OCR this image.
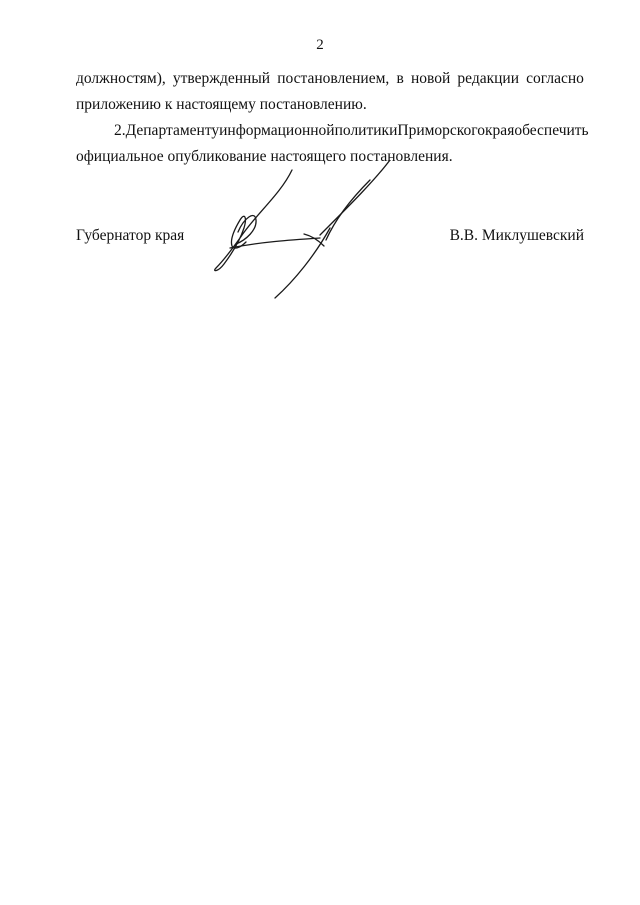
2
должностям), утвержденный постановлением, в новой редакции согласно
приложению к настоящему постановлению.
2. Департаменту информационной политики Приморского края обеспечить
официальное опубликование настоящего постановления.
Губернатор края	В.В. Миклушевский
